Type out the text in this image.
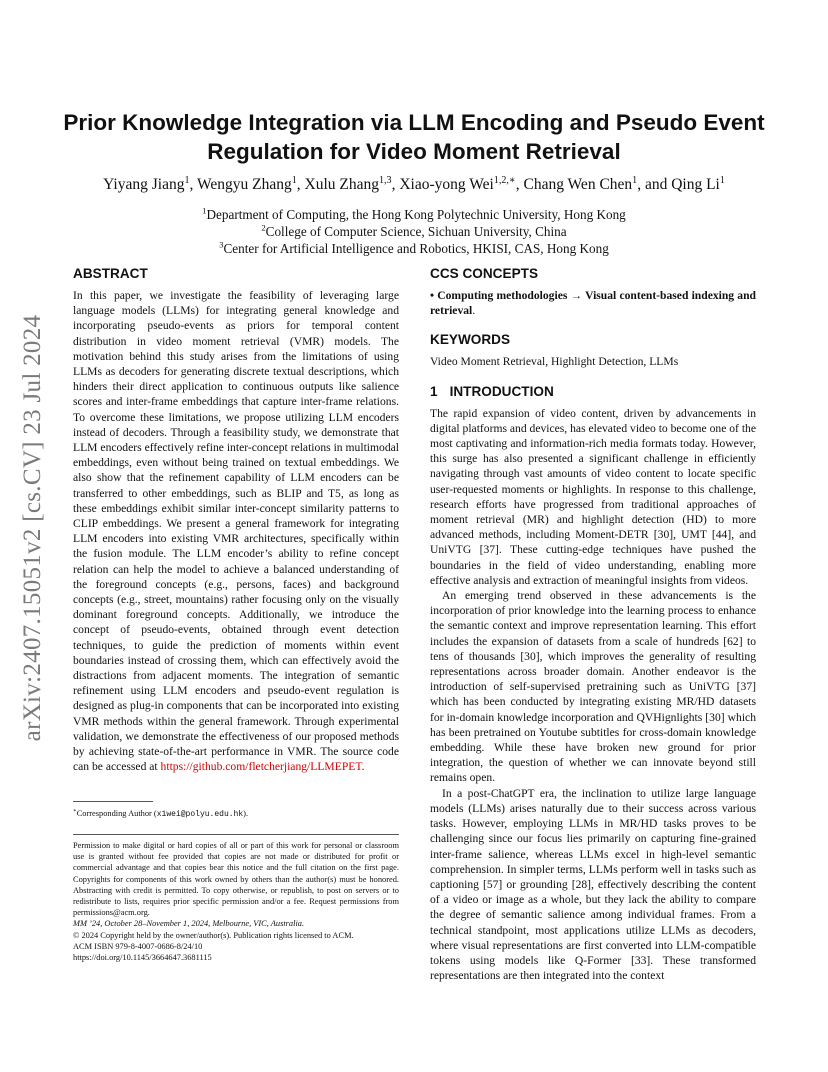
arXiv:2407.15051v2 [cs.CV] 23 Jul 2024
Prior Knowledge Integration via LLM Encoding and Pseudo Event
Regulation for Video Moment Retrieval
Yiyang Jiang$^1$, Wengyu Zhang$^1$, Xulu Zhang$^{1,3}$, Xiao-yong Wei$^{1,2,∗}$, Chang Wen Chen$^1$, and Qing Li$^1$
$^1$Department of Computing, the Hong Kong Polytechnic University, Hong Kong
$^2$College of Computer Science, Sichuan University, China
$^3$Center for Artificial Intelligence and Robotics, HKISI, CAS, Hong Kong
ABSTRACT

In this paper, we investigate the feasibility of leveraging large language models (LLMs) for integrating general knowledge and incorporating pseudo-events as priors for temporal content distribution in video moment retrieval (VMR) models. The motivation behind this study arises from the limitations of using LLMs as decoders for generating discrete textual descriptions, which hinders their direct application to continuous outputs like salience scores and inter-frame embeddings that capture inter-frame relations. To overcome these limitations, we propose utilizing LLM encoders instead of decoders. Through a feasibility study, we demonstrate that LLM encoders effectively refine inter-concept relations in multimodal embeddings, even without being trained on textual embeddings. We also show that the refinement capability of LLM encoders can be transferred to other embeddings, such as BLIP and T5, as long as these embeddings exhibit similar inter-concept similarity patterns to CLIP embeddings. We present a general framework for integrating LLM encoders into existing VMR architectures, specifically within the fusion module. The LLM encoder’s ability to refine concept relation can help the model to achieve a balanced understanding of the foreground concepts (e.g., persons, faces) and background concepts (e.g., street, mountains) rather focusing only on the visually dominant foreground concepts. Additionally, we introduce the concept of pseudo-events, obtained through event detection techniques, to guide the prediction of moments within event boundaries instead of crossing them, which can effectively avoid the distractions from adjacent moments. The integration of semantic refinement using LLM encoders and pseudo-event regulation is designed as plug-in components that can be incorporated into existing VMR methods within the general framework. Through experimental validation, we demonstrate the effectiveness of our proposed methods by achieving state-of-the-art performance in VMR. The source code can be accessed at https://github.com/fletcherjiang/LLMEPET.

∗Corresponding Author (x1wei@polyu.edu.hk).

Permission to make digital or hard copies of all or part of this work for personal or classroom use is granted without fee provided that copies are not made or distributed for profit or commercial advantage and that copies bear this notice and the full citation on the first page. Copyrights for components of this work owned by others than the author(s) must be honored. Abstracting with credit is permitted. To copy otherwise, or republish, to post on servers or to redistribute to lists, requires prior specific permission and/or a fee. Request permissions from permissions@acm.org.

MM ’24, October 28–November 1, 2024, Melbourne, VIC, Australia.
© 2024 Copyright held by the owner/author(s). Publication rights licensed to ACM.
ACM ISBN 979-8-4007-0686-8/24/10
https://doi.org/10.1145/3664647.3681115
CCS CONCEPTS

• Computing methodologies → Visual content-based indexing and retrieval.

KEYWORDS

Video Moment Retrieval, Highlight Detection, LLMs

1 INTRODUCTION

The rapid expansion of video content, driven by advancements in digital platforms and devices, has elevated video to become one of the most captivating and information-rich media formats today. However, this surge has also presented a significant challenge in efficiently navigating through vast amounts of video content to locate specific user-requested moments or highlights. In response to this challenge, research efforts have progressed from traditional approaches of moment retrieval (MR) and highlight detection (HD) to more advanced methods, including Moment-DETR [30], UMT [44], and UniVTG [37]. These cutting-edge techniques have pushed the boundaries in the field of video understanding, enabling more effective analysis and extraction of meaningful insights from videos.

An emerging trend observed in these advancements is the incorporation of prior knowledge into the learning process to enhance the semantic context and improve representation learning. This effort includes the expansion of datasets from a scale of hundreds [62] to tens of thousands [30], which improves the generality of resulting representations across broader domain. Another endeavor is the introduction of self-supervised pretraining such as UniVTG [37] which has been conducted by integrating existing MR/HD datasets for in-domain knowledge incorporation and QVHignlights [30] which has been pretrained on Youtube subtitles for cross-domain knowledge embedding. While these have broken new ground for prior integration, the question of whether we can innovate beyond still remains open.

In a post-ChatGPT era, the inclination to utilize large language models (LLMs) arises naturally due to their success across various tasks. However, employing LLMs in MR/HD tasks proves to be challenging since our focus lies primarily on capturing fine-grained inter-frame salience, whereas LLMs excel in high-level semantic comprehension. In simpler terms, LLMs perform well in tasks such as captioning [57] or grounding [28], effectively describing the content of a video or image as a whole, but they lack the ability to compare the degree of semantic salience among individual frames. From a technical standpoint, most applications utilize LLMs as decoders, where visual representations are first converted into LLM-compatible tokens using models like Q-Former [33]. These transformed representations are then integrated into the context
